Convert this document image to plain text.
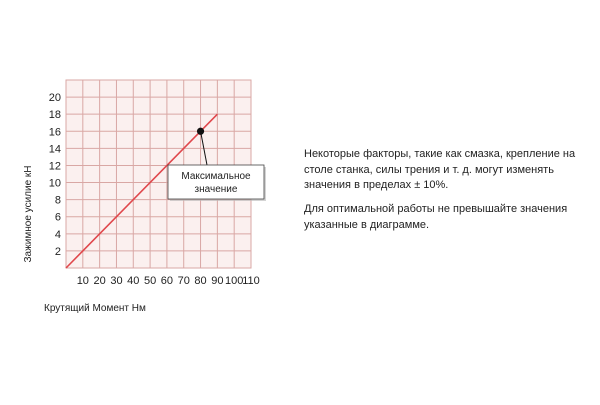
2
4
6
8
10
12
14
16
18
20
10 20 30 40 50 60 70 80 90 100
110
Максимальное
значение
Зажимное усилие кН
Крутящий Момент Нм
Некоторые факторы, такие как смазка, крепление на столе станка, силы трения и т. д. могут изменять значения в пределах ± 10%.
Для оптимальной работы не превышайте значения указанные в диаграмме.
